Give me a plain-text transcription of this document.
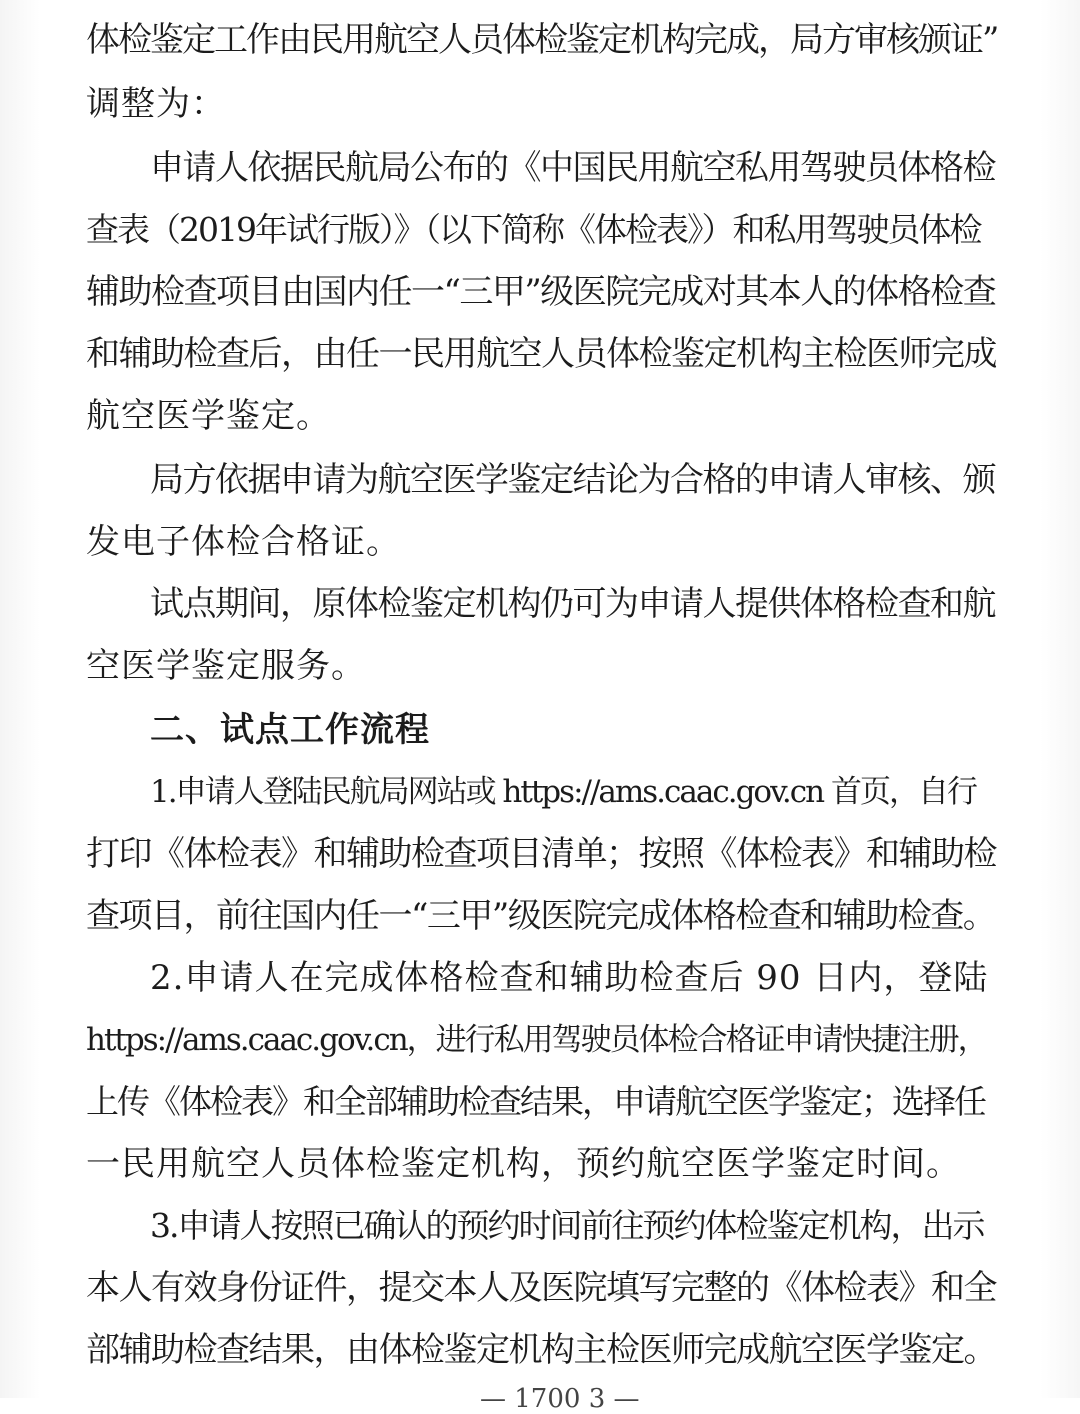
体检鉴定工作由民用航空人员体检鉴定机构完成，局方审核颁证”

调整为：

申请人依据民航局公布的《中国民用航空私用驾驶员体格检

查表（2019年试行版）》（以下简称《体检表》）和私用驾驶员体检

辅助检查项目由国内任一“三甲”级医院完成对其本人的体格检查

和辅助检查后，由任一民用航空人员体检鉴定机构主检医师完成

航空医学鉴定。

局方依据申请为航空医学鉴定结论为合格的申请人审核、颁

发电子体检合格证。

试点期间，原体检鉴定机构仍可为申请人提供体格检查和航

空医学鉴定服务。

二、试点工作流程

1.申请人登陆民航局网站或 https://ams.caac.gov.cn 首页，自行

打印《体检表》和辅助检查项目清单；按照《体检表》和辅助检

查项目，前往国内任一“三甲”级医院完成体格检查和辅助检查。

2.申请人在完成体格检查和辅助检查后 90 日内，登陆

https://ams.caac.gov.cn，进行私用驾驶员体检合格证申请快捷注册，

上传《体检表》和全部辅助检查结果，申请航空医学鉴定；选择任

一民用航空人员体检鉴定机构，预约航空医学鉴定时间。

3.申请人按照已确认的预约时间前往预约体检鉴定机构，出示

本人有效身份证件，提交本人及医院填写完整的《体检表》和全

部辅助检查结果，由体检鉴定机构主检医师完成航空医学鉴定。

— 1700 3 —
